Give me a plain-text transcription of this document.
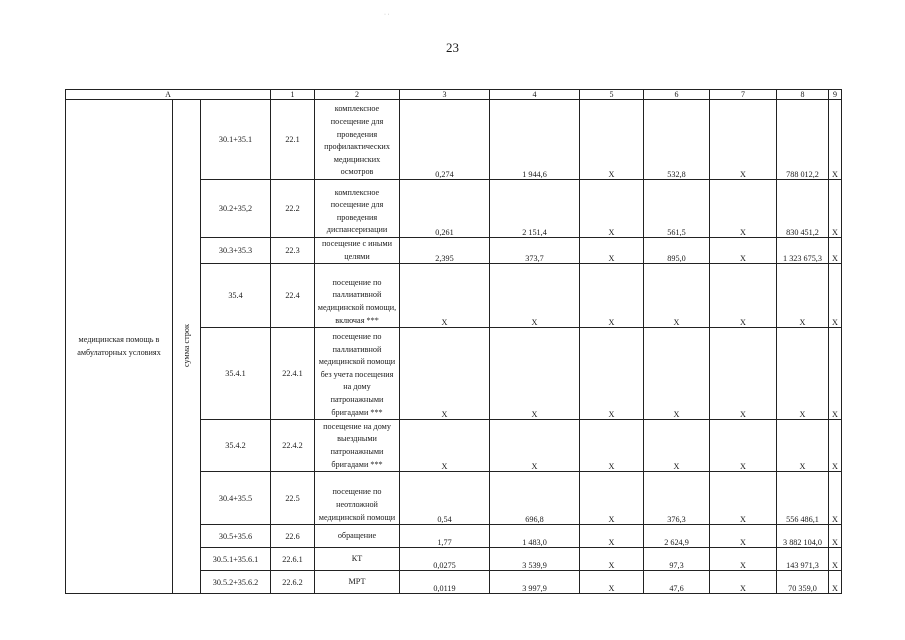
· ·
23
А			1	2	3	4	5	6	7	8	9
медицинская помощь в амбулаторных условиях	сумма строк	30.1+35.1	22.1	комплексное посещение для проведения профилактических медицинских осмотров	0,274	1 944,6	X	532,8	X	788 012,2	X
		30.2+35,2	22.2	комплексное посещение для проведения диспансеризации	0,261	2 151,4	X	561,5	X	830 451,2	X
		30.3+35.3	22.3	посещение с иными целями	2,395	373,7	X	895,0	X	1 323 675,3	X
		35.4	22.4	посещение по паллиативной медицинской помощи, включая ***	X	X	X	X	X	X	X
		35.4.1	22.4.1	посещение по паллиативной медицинской помощи без учета посещения на дому патронажными бригадами ***	X	X	X	X	X	X	X
		35.4.2	22.4.2	посещение на дому выездными патронажными бригадами ***	X	X	X	X	X	X	X
		30.4+35.5	22.5	посещение по неотложной медицинской помощи	0,54	696,8	X	376,3	X	556 486,1	X
		30.5+35.6	22.6	обращение	1,77	1 483,0	X	2 624,9	X	3 882 104,0	X
		30.5.1+35.6.1	22.6.1	КТ	0,0275	3 539,9	X	97,3	X	143 971,3	X
		30.5.2+35.6.2	22.6.2	МРТ	0,0119	3 997,9	X	47,6	X	70 359,0	X
